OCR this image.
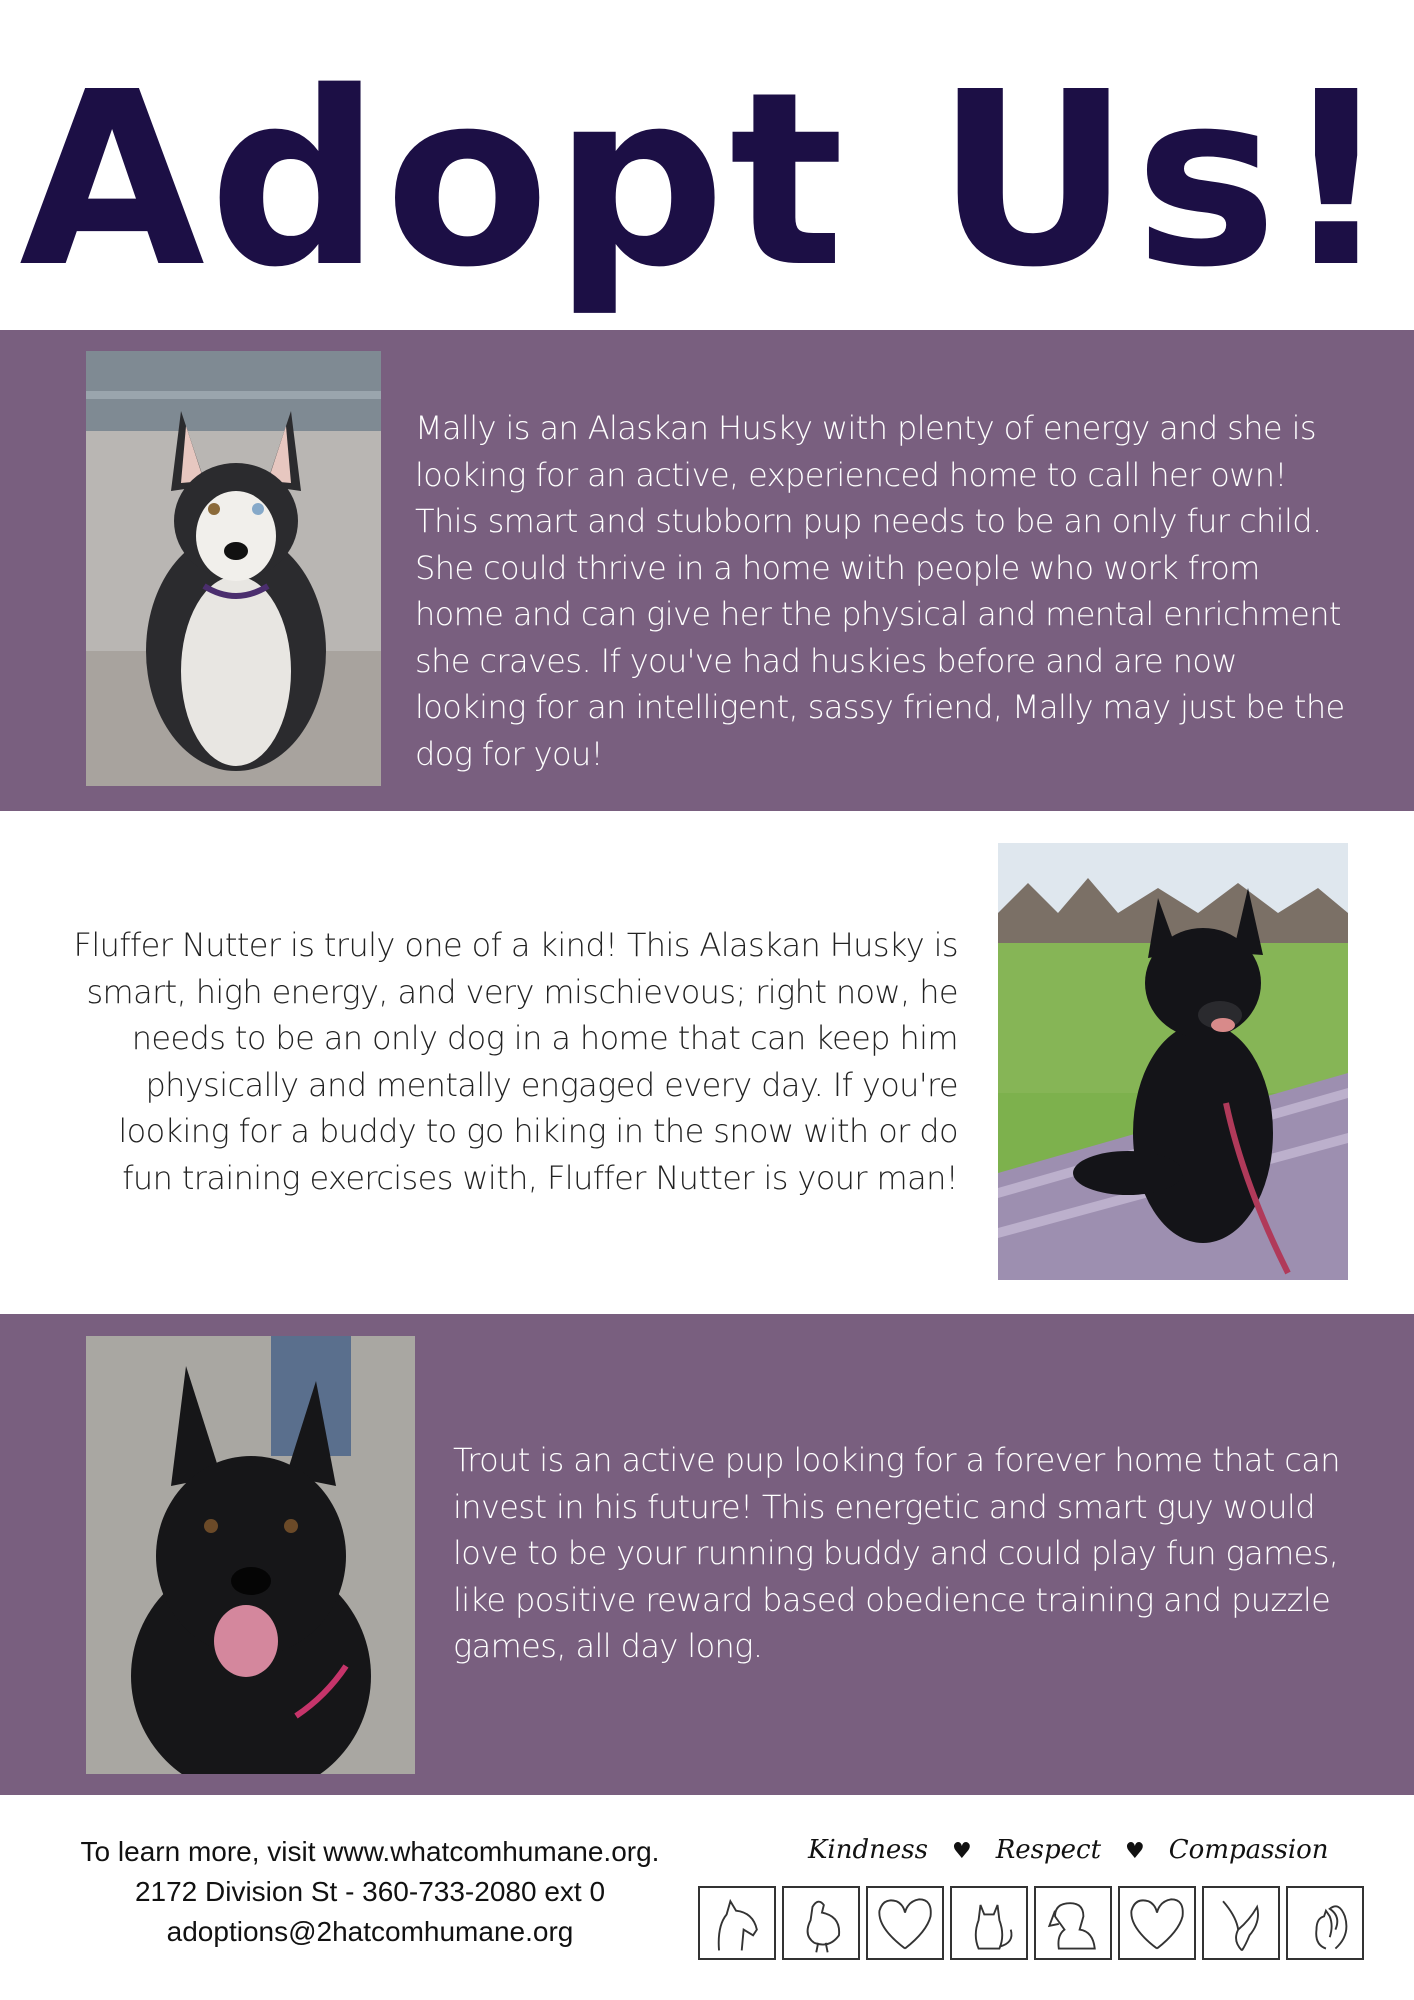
Adopt Us!
Mally is an Alaskan Husky with plenty of energy and she is looking for an active, experienced home to call her own! This smart and stubborn pup needs to be an only fur child. She could thrive in a home with people who work from home and can give her the physical and mental enrichment she craves. If you've had huskies before and are now looking for an intelligent, sassy friend, Mally may just be the dog for you!
Fluffer Nutter is truly one of a kind! This Alaskan Husky is smart, high energy, and very mischievous; right now, he needs to be an only dog in a home that can keep him physically and mentally engaged every day. If you're looking for a buddy to go hiking in the snow with or do fun training exercises with, Fluffer Nutter is your man!
Trout is an active pup looking for a forever home that can invest in his future! This energetic and smart guy would love to be your running buddy and could play fun games, like positive reward based obedience training and puzzle games, all day long.
To learn more, visit www.whatcomhumane.org.
2172 Division St - 360-733-2080 ext 0
adoptions@2hatcomhumane.org
Kindness ♥ Respect ♥ Compassion
